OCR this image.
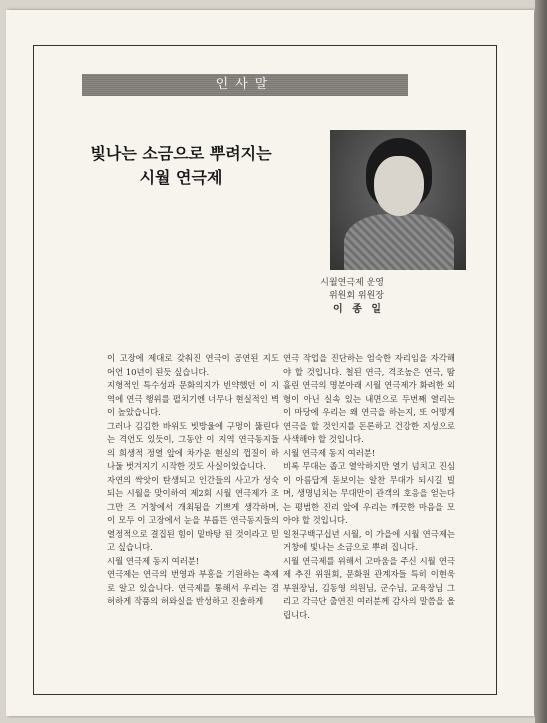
인사말
빛나는 소금으로 뿌려지는
시월 연극제
시월연극제 운영
위원회 위원장
이 종 일

이 고장에 제대로 갖춰진 연극이 공연된 지도 어언 10년이 된듯 싶습니다.

지형적인 특수성과 문화의지가 빈약했던 이 지역에 연극 행위를 펼치기엔 너무나 현실적인 벽이 높았습니다.

그러나 김김한 바위도 빗방울에 구멍이 뚫린다는 격언도 있듯이, 그동안 이 지역 연극동지들의 희생적 정열 앞에 차가운 현실의 껍질이 하나둘 벗겨지기 시작한 것도 사실이었습니다.

자연의 싹앗이 탄생되고 인간들의 사고가 성숙되는 시월을 맞이하여 제2회 시월 연극제가 조그만 즈 거창에서 개최됨을 기쁘게 생각하며, 이 모두 이 고장에서 눈을 부릅뜬 연극동지들의 열정적으로 결집된 힘이 밑바탕 된 것이라고 믿고 싶습니다.

시월 연극제 동지 여러분!

연극제는 연극의 번영과 부흥을 기원하는 축제로 알고 있습니다. 연극제를 통해서 우리는 겸허하게 작품의 허와실을 반성하고 진솔하게

연극 작업을 진단하는 엄숙한 자리임을 자각해야 할 것입니다. 철된 연극, 격조높은 연극, 땀 흘린 연극의 명분아래 시월 연극제가 화려한 외형이 아닌 실속 있는 내면으로 두번째 열리는 이 마당에 우리는 왜 연극을 하는지, 또 어떻게 연극을 할 것인지를 돈론하고 건강한 지성으로 사색해야 할 것입니다.

시월 연극제 동지 여러분!

비록 무대는 좁고 열악하지만 열기 넘치고 진심이 아름답게 돋보이는 알찬 무대가 되시길 빌며, 생명넘치는 무대만이 관객의 호응을 얻는다는 평범한 진리 앞에 우리는 깨끗한 마음을 모아야 할 것입니다.

일천구백구십년 시월, 이 가을에 시월 연극제는 거창에 빛나는 소금으로 뿌려 집니다.

시월 연극제를 위해서 고마움을 주신 시월 연극제 추진 위원회, 문화원 관계자들 특히 이현욱 부원장님, 김동영 의원님, 군수님, 교육장님 그리고 각극단 출연진 여러분께 감사의 말씀을 올립니다.
